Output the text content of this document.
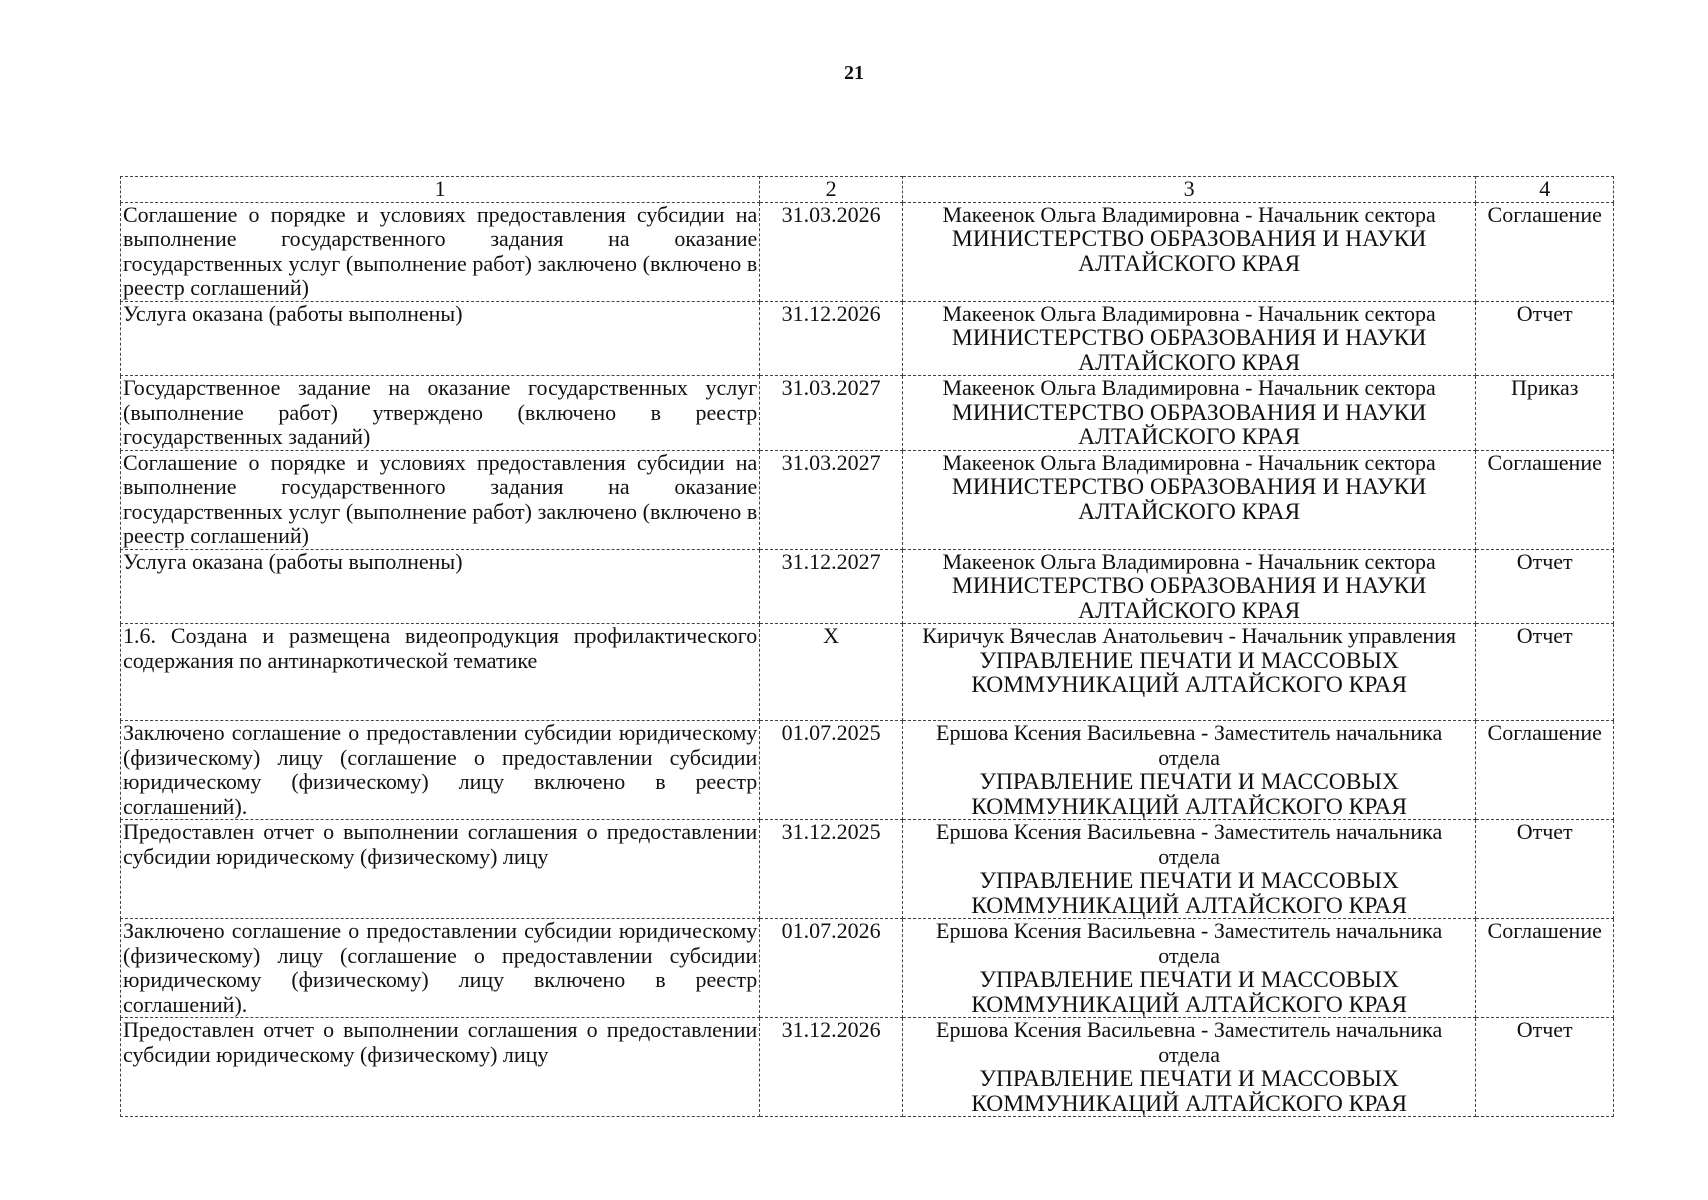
21
1	2	3	4
Соглашение о порядке и условиях предоставления субсидии на выполнение государственного задания на оказание государственных услуг (выполнение работ) заключено (включено в реестр соглашений)	31.03.2026	Макеенок Ольга Владимировна - Начальник сектора
МИНИСТЕРСТВО ОБРАЗОВАНИЯ И НАУКИ АЛТАЙСКОГО КРАЯ	Соглашение
Услуга оказана (работы выполнены)	31.12.2026	Макеенок Ольга Владимировна - Начальник сектора
МИНИСТЕРСТВО ОБРАЗОВАНИЯ И НАУКИ АЛТАЙСКОГО КРАЯ	Отчет
Государственное задание на оказание государственных услуг (выполнение работ) утверждено (включено в реестр государственных заданий)	31.03.2027	Макеенок Ольга Владимировна - Начальник сектора
МИНИСТЕРСТВО ОБРАЗОВАНИЯ И НАУКИ АЛТАЙСКОГО КРАЯ	Приказ
Соглашение о порядке и условиях предоставления субсидии на выполнение государственного задания на оказание государственных услуг (выполнение работ) заключено (включено в реестр соглашений)	31.03.2027	Макеенок Ольга Владимировна - Начальник сектора
МИНИСТЕРСТВО ОБРАЗОВАНИЯ И НАУКИ АЛТАЙСКОГО КРАЯ	Соглашение
Услуга оказана (работы выполнены)	31.12.2027	Макеенок Ольга Владимировна - Начальник сектора
МИНИСТЕРСТВО ОБРАЗОВАНИЯ И НАУКИ АЛТАЙСКОГО КРАЯ	Отчет
1.6. Создана и размещена видеопродукция профилактического содержания по антинаркотической тематике	X	Киричук Вячеслав Анатольевич - Начальник управления
УПРАВЛЕНИЕ ПЕЧАТИ И МАССОВЫХ КОММУНИКАЦИЙ АЛТАЙСКОГО КРАЯ	Отчет
Заключено соглашение о предоставлении субсидии юридическому (физическому) лицу (соглашение о предоставлении субсидии юридическому (физическому) лицу включено в реестр соглашений).	01.07.2025	Ершова Ксения Васильевна - Заместитель начальника отдела
УПРАВЛЕНИЕ ПЕЧАТИ И МАССОВЫХ КОММУНИКАЦИЙ АЛТАЙСКОГО КРАЯ	Соглашение
Предоставлен отчет о выполнении соглашения о предоставлении субсидии юридическому (физическому) лицу	31.12.2025	Ершова Ксения Васильевна - Заместитель начальника отдела
УПРАВЛЕНИЕ ПЕЧАТИ И МАССОВЫХ КОММУНИКАЦИЙ АЛТАЙСКОГО КРАЯ	Отчет
Заключено соглашение о предоставлении субсидии юридическому (физическому) лицу (соглашение о предоставлении субсидии юридическому (физическому) лицу включено в реестр соглашений).	01.07.2026	Ершова Ксения Васильевна - Заместитель начальника отдела
УПРАВЛЕНИЕ ПЕЧАТИ И МАССОВЫХ КОММУНИКАЦИЙ АЛТАЙСКОГО КРАЯ	Соглашение
Предоставлен отчет о выполнении соглашения о предоставлении субсидии юридическому (физическому) лицу	31.12.2026	Ершова Ксения Васильевна - Заместитель начальника отдела
УПРАВЛЕНИЕ ПЕЧАТИ И МАССОВЫХ КОММУНИКАЦИЙ АЛТАЙСКОГО КРАЯ	Отчет
